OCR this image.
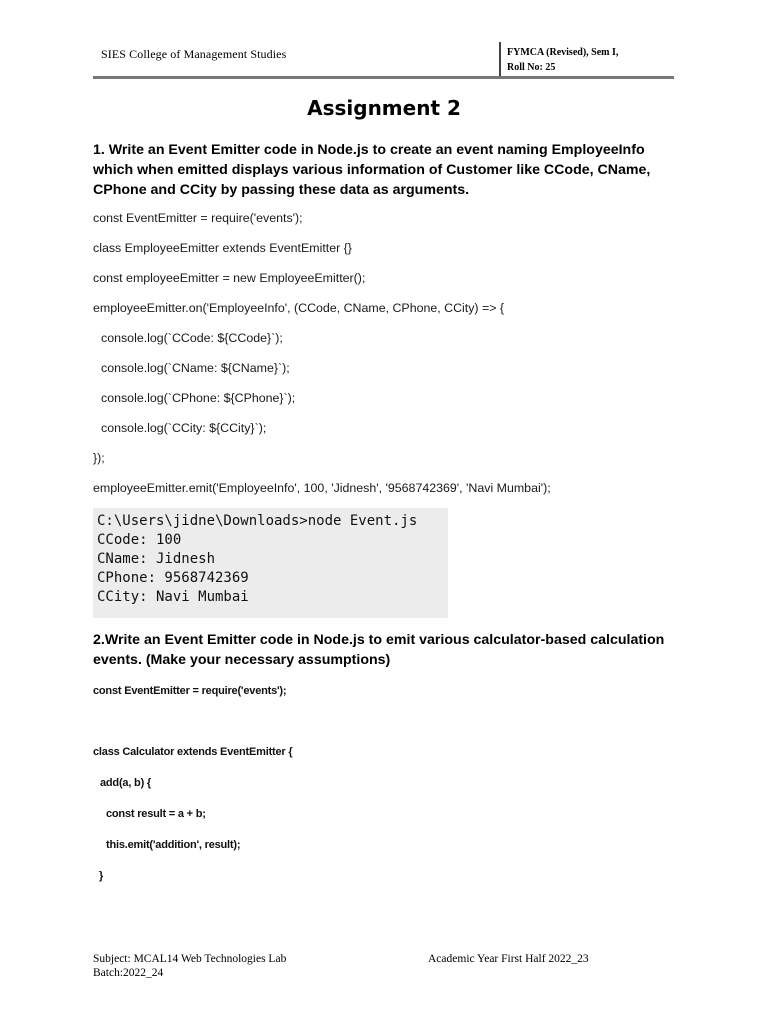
SIES College of Management Studies	FYMCA (Revised), Sem I,
Roll No: 25
Assignment 2
1. Write an Event Emitter code in Node.js to create an event naming EmployeeInfo which when emitted displays various information of Customer like CCode, CName, CPhone and CCity by passing these data as arguments.
const EventEmitter = require('events');
class EmployeeEmitter extends EventEmitter {}
const employeeEmitter = new EmployeeEmitter();
employeeEmitter.on('EmployeeInfo', (CCode, CName, CPhone, CCity) => {
console.log(`CCode: ${CCode}`);
console.log(`CName: ${CName}`);
console.log(`CPhone: ${CPhone}`);
console.log(`CCity: ${CCity}`);
});
employeeEmitter.emit('EmployeeInfo', 100, 'Jidnesh', '9568742369', 'Navi Mumbai');
C:\Users\jidne\Downloads>node Event.js
CCode: 100
CName: Jidnesh
CPhone: 9568742369
CCity: Navi Mumbai
2.Write an Event Emitter code in Node.js to emit various calculator-based calculation events. (Make your necessary assumptions)
const EventEmitter = require('events');
class Calculator extends EventEmitter {
add(a, b) {
const result = a + b;
this.emit('addition', result);
}
Subject: MCAL14 Web Technologies Lab
Batch:2022_24
Academic Year First Half 2022_23
